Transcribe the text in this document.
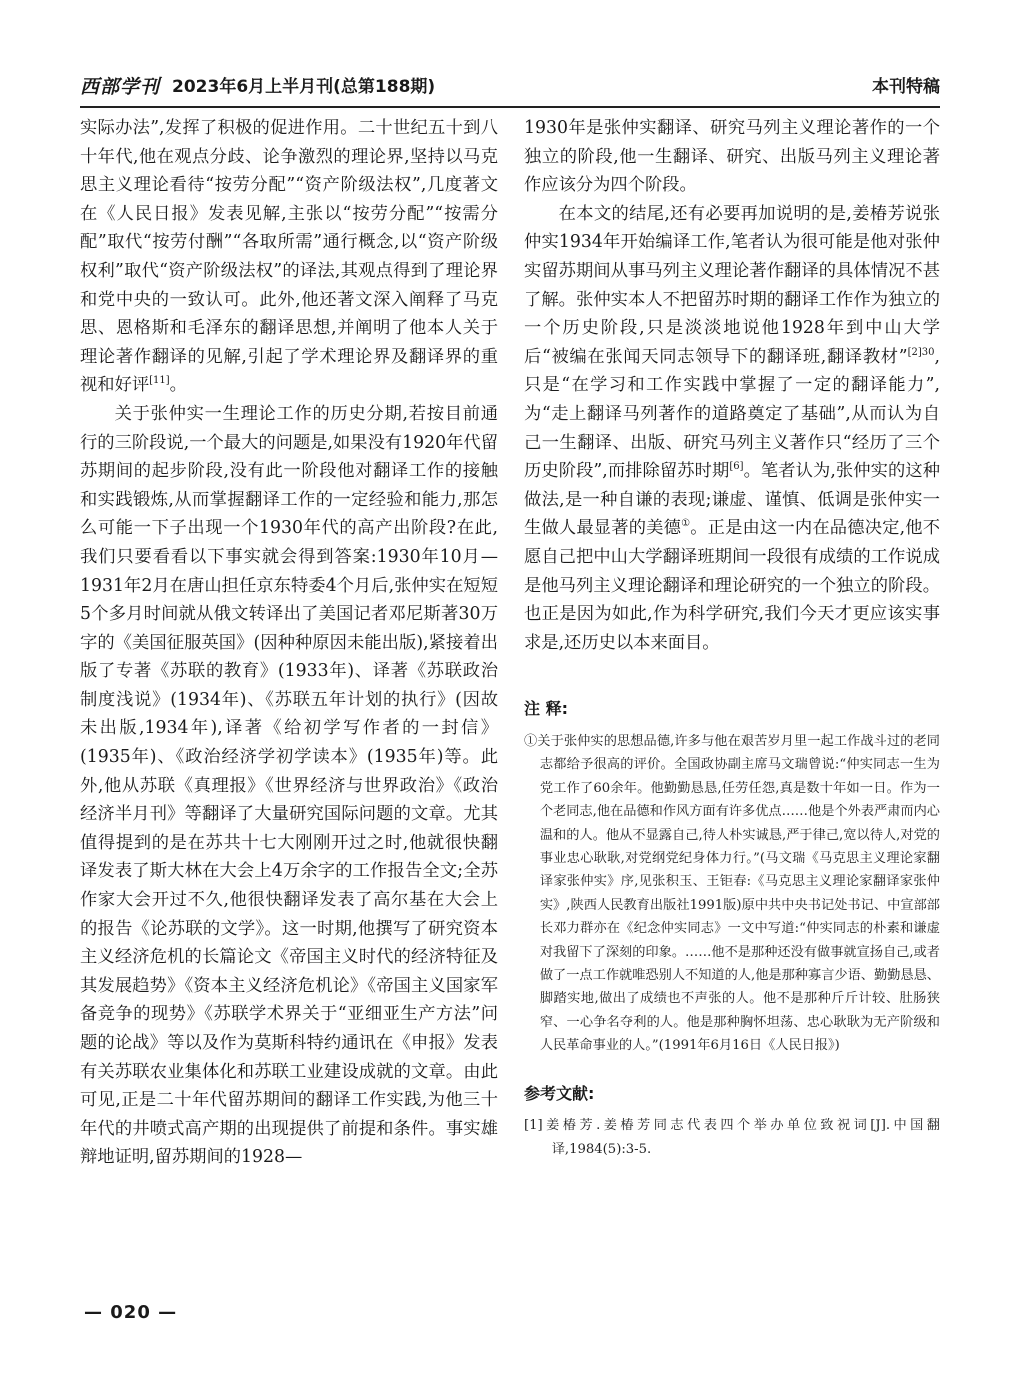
西部学刊 2023年6月上半月刊(总第188期)	本刊特稿

实际办法”,发挥了积极的促进作用。二十世纪五十到八十年代,他在观点分歧、论争激烈的理论界,坚持以马克思主义理论看待“按劳分配”“资产阶级法权”,几度著文在《人民日报》发表见解,主张以“按劳分配”“按需分配”取代“按劳付酬”“各取所需”通行概念,以“资产阶级权利”取代“资产阶级法权”的译法,其观点得到了理论界和党中央的一致认可。此外,他还著文深入阐释了马克思、恩格斯和毛泽东的翻译思想,并阐明了他本人关于理论著作翻译的见解,引起了学术理论界及翻译界的重视和好评[11]。

关于张仲实一生理论工作的历史分期,若按目前通行的三阶段说,一个最大的问题是,如果没有1920年代留苏期间的起步阶段,没有此一阶段他对翻译工作的接触和实践锻炼,从而掌握翻译工作的一定经验和能力,那怎么可能一下子出现一个1930年代的高产出阶段?在此,我们只要看看以下事实就会得到答案:1930年10月—1931年2月在唐山担任京东特委4个月后,张仲实在短短5个多月时间就从俄文转译出了美国记者邓尼斯著30万字的《美国征服英国》(因种种原因未能出版),紧接着出版了专著《苏联的教育》(1933年)、译著《苏联政治制度浅说》(1934年)、《苏联五年计划的执行》(因故未出版,1934年),译著《给初学写作者的一封信》(1935年)、《政治经济学初学读本》(1935年)等。此外,他从苏联《真理报》《世界经济与世界政治》《政治经济半月刊》等翻译了大量研究国际问题的文章。尤其值得提到的是在苏共十七大刚刚开过之时,他就很快翻译发表了斯大林在大会上4万余字的工作报告全文;全苏作家大会开过不久,他很快翻译发表了高尔基在大会上的报告《论苏联的文学》。这一时期,他撰写了研究资本主义经济危机的长篇论文《帝国主义时代的经济特征及其发展趋势》《资本主义经济危机论》《帝国主义国家军备竞争的现势》《苏联学术界关于“亚细亚生产方法”问题的论战》等以及作为莫斯科特约通讯在《申报》发表有关苏联农业集体化和苏联工业建设成就的文章。由此可见,正是二十年代留苏期间的翻译工作实践,为他三十年代的井喷式高产期的出现提供了前提和条件。事实雄辩地证明,留苏期间的1928—

1930年是张仲实翻译、研究马列主义理论著作的一个独立的阶段,他一生翻译、研究、出版马列主义理论著作应该分为四个阶段。

在本文的结尾,还有必要再加说明的是,姜椿芳说张仲实1934年开始编译工作,笔者认为很可能是他对张仲实留苏期间从事马列主义理论著作翻译的具体情况不甚了解。张仲实本人不把留苏时期的翻译工作作为独立的一个历史阶段,只是淡淡地说他1928年到中山大学后“被编在张闻天同志领导下的翻译班,翻译教材”$^{[2]30}$,只是“在学习和工作实践中掌握了一定的翻译能力”,为“走上翻译马列著作的道路奠定了基础”,从而认为自己一生翻译、出版、研究马列主义著作只“经历了三个历史阶段”,而排除留苏时期[6]。笔者认为,张仲实的这种做法,是一种自谦的表现;谦虚、谨慎、低调是张仲实一生做人最显著的美德①。正是由这一内在品德决定,他不愿自己把中山大学翻译班期间一段很有成绩的工作说成是他马列主义理论翻译和理论研究的一个独立的阶段。也正是因为如此,作为科学研究,我们今天才更应该实事求是,还历史以本来面目。

注 释:
①关于张仲实的思想品德,许多与他在艰苦岁月里一起工作战斗过的老同志都给予很高的评价。全国政协副主席马文瑞曾说:“仲实同志一生为党工作了60余年。他勤勤恳恳,任劳任怨,真是数十年如一日。作为一个老同志,他在品德和作风方面有许多优点……他是个外表严肃而内心温和的人。他从不显露自己,待人朴实诚恳,严于律己,宽以待人,对党的事业忠心耿耿,对党纲党纪身体力行。”(马文瑞《马克思主义理论家翻译家张仲实》序,见张积玉、王钜春:《马克思主义理论家翻译家张仲实》,陕西人民教育出版社1991版)原中共中央书记处书记、中宣部部长邓力群亦在《纪念仲实同志》一文中写道:“仲实同志的朴素和谦虚对我留下了深刻的印象。……他不是那种还没有做事就宣扬自己,或者做了一点工作就唯恐别人不知道的人,他是那种寡言少语、勤勤恳恳、脚踏实地,做出了成绩也不声张的人。他不是那种斤斤计较、肚肠狭窄、一心争名夺利的人。他是那种胸怀坦荡、忠心耿耿为无产阶级和人民革命事业的人。”(1991年6月16日《人民日报》)
参考文献:
[1]姜椿芳.姜椿芳同志代表四个举办单位致祝词[J].中国翻译,1984(5):3-5.
— 020 —
